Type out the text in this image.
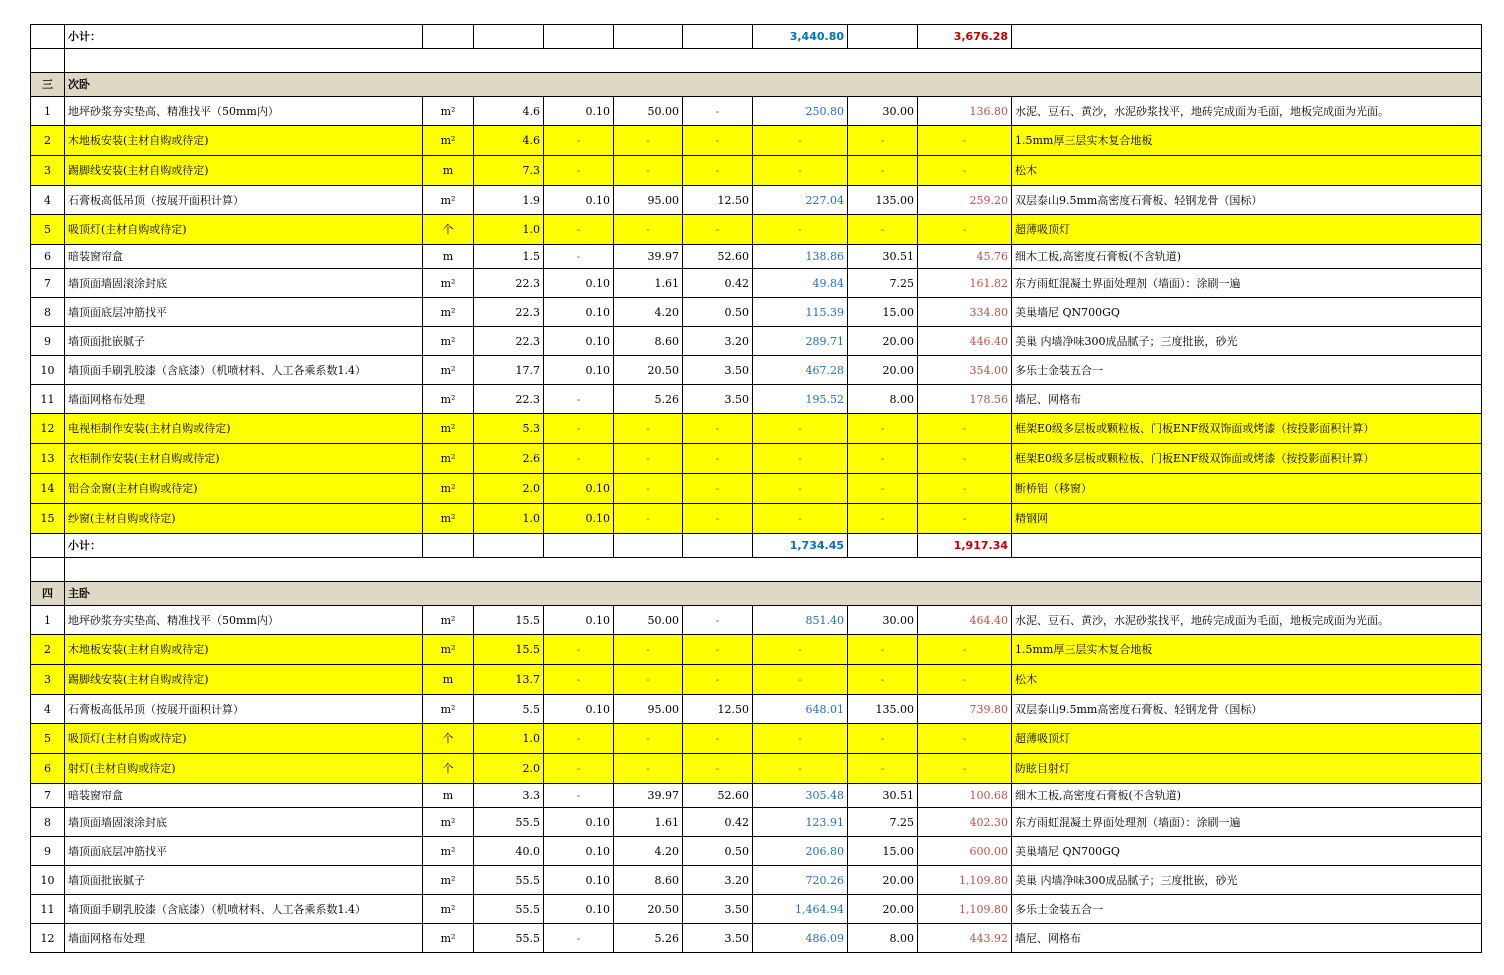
	小计：						3,440.80		3,676.28	

三	次卧									
1	地坪砂浆夯实垫高、精准找平（50mm内）	m²	4.6	0.10	50.00	-	250.80	30.00	136.80	水泥、豆石、黄沙，水泥砂浆找平，地砖完成面为毛面，地板完成面为光面。
2	木地板安装(主材自购或待定)	m²	4.6	-	-	-	-	-	-	1.5mm厚三层实木复合地板
3	踢脚线安装(主材自购或待定)	m	7.3	-	-	-	-	-	-	松木
4	石膏板高低吊顶（按展开面积计算）	m²	1.9	0.10	95.00	12.50	227.04	135.00	259.20	双层泰山9.5mm高密度石膏板、轻钢龙骨（国标）
5	吸顶灯(主材自购或待定)	个	1.0	-	-	-	-	-	-	超薄吸顶灯
6	暗装窗帘盒	m	1.5	-	39.97	52.60	138.86	30.51	45.76	细木工板,高密度石膏板(不含轨道)
7	墙顶面墙固滚涂封底	m²	22.3	0.10	1.61	0.42	49.84	7.25	161.82	东方雨虹混凝土界面处理剂（墙面）：涂刷一遍
8	墙顶面底层冲筋找平	m²	22.3	0.10	4.20	0.50	115.39	15.00	334.80	美巢墙尼 QN700GQ
9	墙顶面批嵌腻子	m²	22.3	0.10	8.60	3.20	289.71	20.00	446.40	美巢 内墙净味300成品腻子；三度批嵌，砂光
10	墙顶面手刷乳胶漆（含底漆）（机喷材料、人工各乘系数1.4）	m²	17.7	0.10	20.50	3.50	467.28	20.00	354.00	多乐士金装五合一
11	墙面网格布处理	m²	22.3	-	5.26	3.50	195.52	8.00	178.56	墙尼、网格布
12	电视柜制作安装(主材自购或待定)	m²	5.3	-	-	-	-	-	-	框架E0级多层板或颗粒板、门板ENF级双饰面或烤漆（按投影面积计算）
13	衣柜制作安装(主材自购或待定)	m²	2.6	-	-	-	-	-	-	框架E0级多层板或颗粒板、门板ENF级双饰面或烤漆（按投影面积计算）
14	铝合金窗(主材自购或待定)	m²	2.0	0.10	-	-	-	-	-	断桥铝（移窗）
15	纱窗(主材自购或待定)	m²	1.0	0.10	-	-	-	-	-	精钢网
	小计：						1,734.45		1,917.34	

四	主卧									
1	地坪砂浆夯实垫高、精准找平（50mm内）	m²	15.5	0.10	50.00	-	851.40	30.00	464.40	水泥、豆石、黄沙，水泥砂浆找平，地砖完成面为毛面，地板完成面为光面。
2	木地板安装(主材自购或待定)	m²	15.5	-	-	-	-	-	-	1.5mm厚三层实木复合地板
3	踢脚线安装(主材自购或待定)	m	13.7	-	-	-	-	-	-	松木
4	石膏板高低吊顶（按展开面积计算）	m²	5.5	0.10	95.00	12.50	648.01	135.00	739.80	双层泰山9.5mm高密度石膏板、轻钢龙骨（国标）
5	吸顶灯(主材自购或待定)	个	1.0	-	-	-	-	-	-	超薄吸顶灯
6	射灯(主材自购或待定)	个	2.0	-	-	-	-	-	-	防眩目射灯
7	暗装窗帘盒	m	3.3	-	39.97	52.60	305.48	30.51	100.68	细木工板,高密度石膏板(不含轨道)
8	墙顶面墙固滚涂封底	m²	55.5	0.10	1.61	0.42	123.91	7.25	402.30	东方雨虹混凝土界面处理剂（墙面）：涂刷一遍
9	墙顶面底层冲筋找平	m²	40.0	0.10	4.20	0.50	206.80	15.00	600.00	美巢墙尼 QN700GQ
10	墙顶面批嵌腻子	m²	55.5	0.10	8.60	3.20	720.26	20.00	1,109.80	美巢 内墙净味300成品腻子；三度批嵌，砂光
11	墙顶面手刷乳胶漆（含底漆）（机喷材料、人工各乘系数1.4）	m²	55.5	0.10	20.50	3.50	1,464.94	20.00	1,109.80	多乐士金装五合一
12	墙面网格布处理	m²	55.5	-	5.26	3.50	486.09	8.00	443.92	墙尼、网格布
